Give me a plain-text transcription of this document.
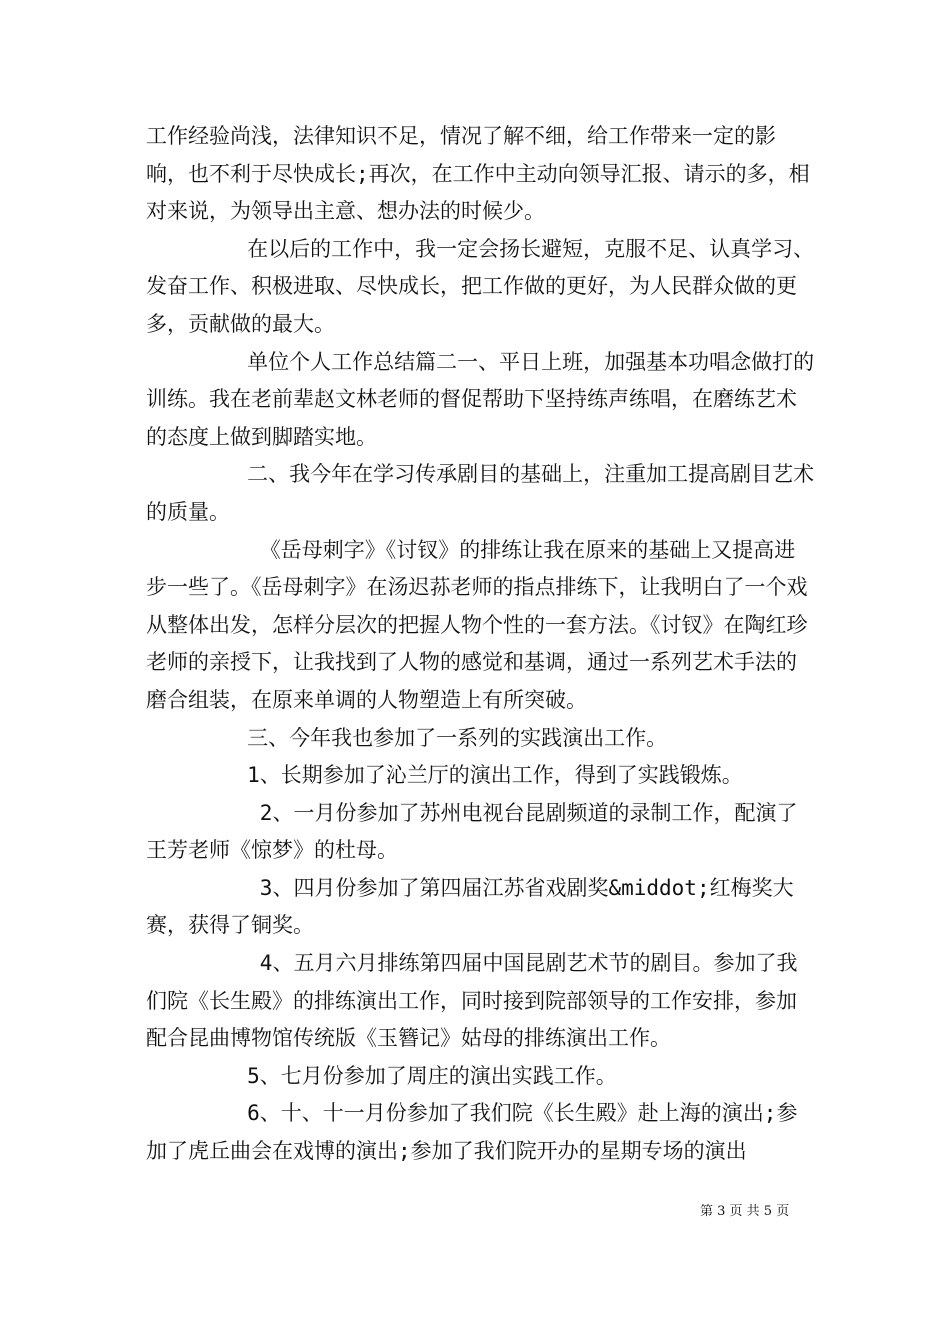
工作经验尚浅，法律知识不足，情况了解不细，给工作带来一定的影响，也不利于尽快成长;再次，在工作中主动向领导汇报、请示的多，相对来说，为领导出主意、想办法的时候少。

在以后的工作中，我一定会扬长避短，克服不足、认真学习、发奋工作、积极进取、尽快成长，把工作做的更好，为人民群众做的更多，贡献做的最大。

单位个人工作总结篇二一、平日上班，加强基本功唱念做打的训练。我在老前辈赵文林老师的督促帮助下坚持练声练唱，在磨练艺术的态度上做到脚踏实地。

二、我今年在学习传承剧目的基础上，注重加工提高剧目艺术的质量。

《岳母刺字》《讨钗》的排练让我在原来的基础上又提高进步一些了。《岳母刺字》在汤迟荪老师的指点排练下，让我明白了一个戏从整体出发，怎样分层次的把握人物个性的一套方法。《讨钗》在陶红珍老师的亲授下，让我找到了人物的感觉和基调，通过一系列艺术手法的磨合组装，在原来单调的人物塑造上有所突破。

三、今年我也参加了一系列的实践演出工作。

1、长期参加了沁兰厅的演出工作，得到了实践锻炼。

2、一月份参加了苏州电视台昆剧频道的录制工作，配演了王芳老师《惊梦》的杜母。

3、四月份参加了第四届江苏省戏剧奖&middot;红梅奖大赛，获得了铜奖。

4、五月六月排练第四届中国昆剧艺术节的剧目。参加了我们院《长生殿》的排练演出工作，同时接到院部领导的工作安排，参加配合昆曲博物馆传统版《玉簪记》姑母的排练演出工作。

5、七月份参加了周庄的演出实践工作。

6、十、十一月份参加了我们院《长生殿》赴上海的演出;参加了虎丘曲会在戏博的演出;参加了我们院开办的星期专场的演出

第 3 页 共 5 页
